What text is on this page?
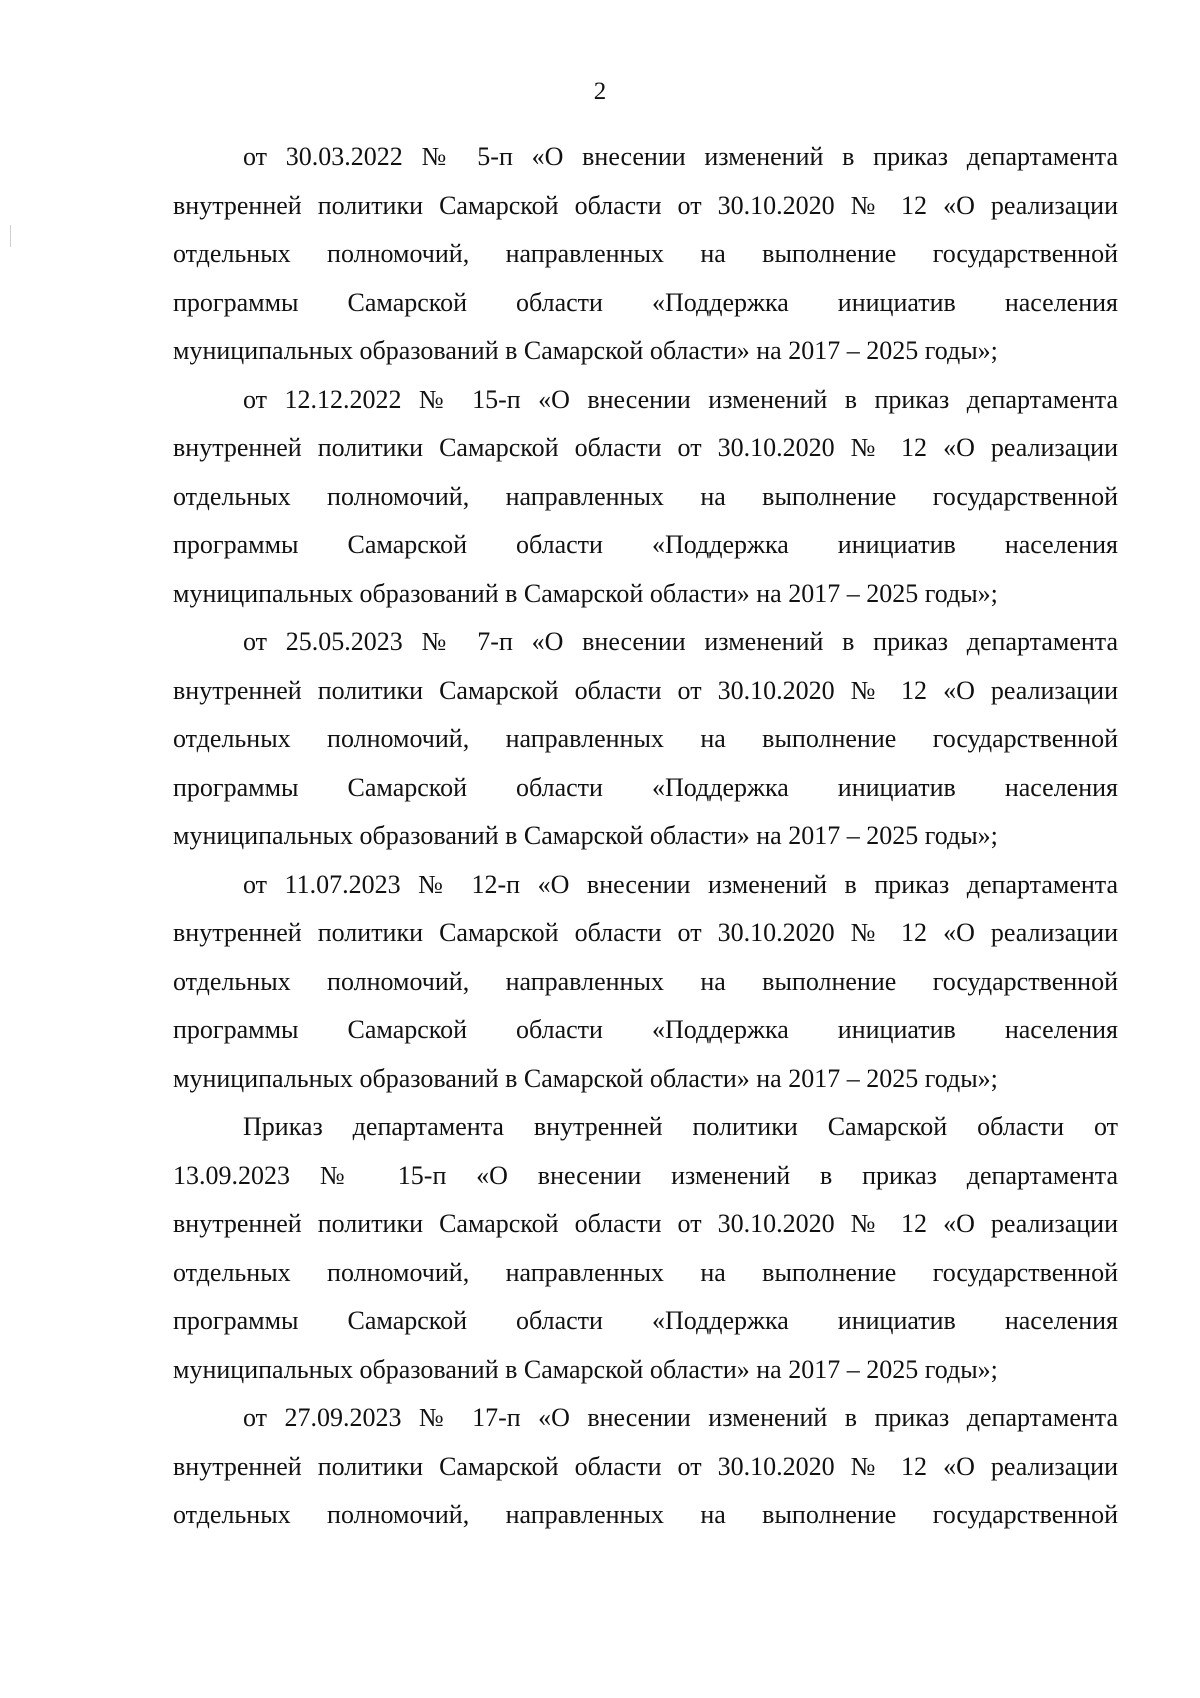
2
от 30.03.2022 № 5-п «О внесении изменений в приказ департамента
внутренней политики Самарской области от 30.10.2020 № 12 «О реализации
отдельных полномочий, направленных на выполнение государственной
программы Самарской области «Поддержка инициатив населения
муниципальных образований в Самарской области» на 2017 – 2025 годы»;
от 12.12.2022 № 15-п «О внесении изменений в приказ департамента
внутренней политики Самарской области от 30.10.2020 № 12 «О реализации
отдельных полномочий, направленных на выполнение государственной
программы Самарской области «Поддержка инициатив населения
муниципальных образований в Самарской области» на 2017 – 2025 годы»;
от 25.05.2023 № 7-п «О внесении изменений в приказ департамента
внутренней политики Самарской области от 30.10.2020 № 12 «О реализации
отдельных полномочий, направленных на выполнение государственной
программы Самарской области «Поддержка инициатив населения
муниципальных образований в Самарской области» на 2017 – 2025 годы»;
от 11.07.2023 № 12-п «О внесении изменений в приказ департамента
внутренней политики Самарской области от 30.10.2020 № 12 «О реализации
отдельных полномочий, направленных на выполнение государственной
программы Самарской области «Поддержка инициатив населения
муниципальных образований в Самарской области» на 2017 – 2025 годы»;
Приказ департамента внутренней политики Самарской области от
13.09.2023 № 15-п «О внесении изменений в приказ департамента
внутренней политики Самарской области от 30.10.2020 № 12 «О реализации
отдельных полномочий, направленных на выполнение государственной
программы Самарской области «Поддержка инициатив населения
муниципальных образований в Самарской области» на 2017 – 2025 годы»;
от 27.09.2023 № 17-п «О внесении изменений в приказ департамента
внутренней политики Самарской области от 30.10.2020 № 12 «О реализации
отдельных полномочий, направленных на выполнение государственной
